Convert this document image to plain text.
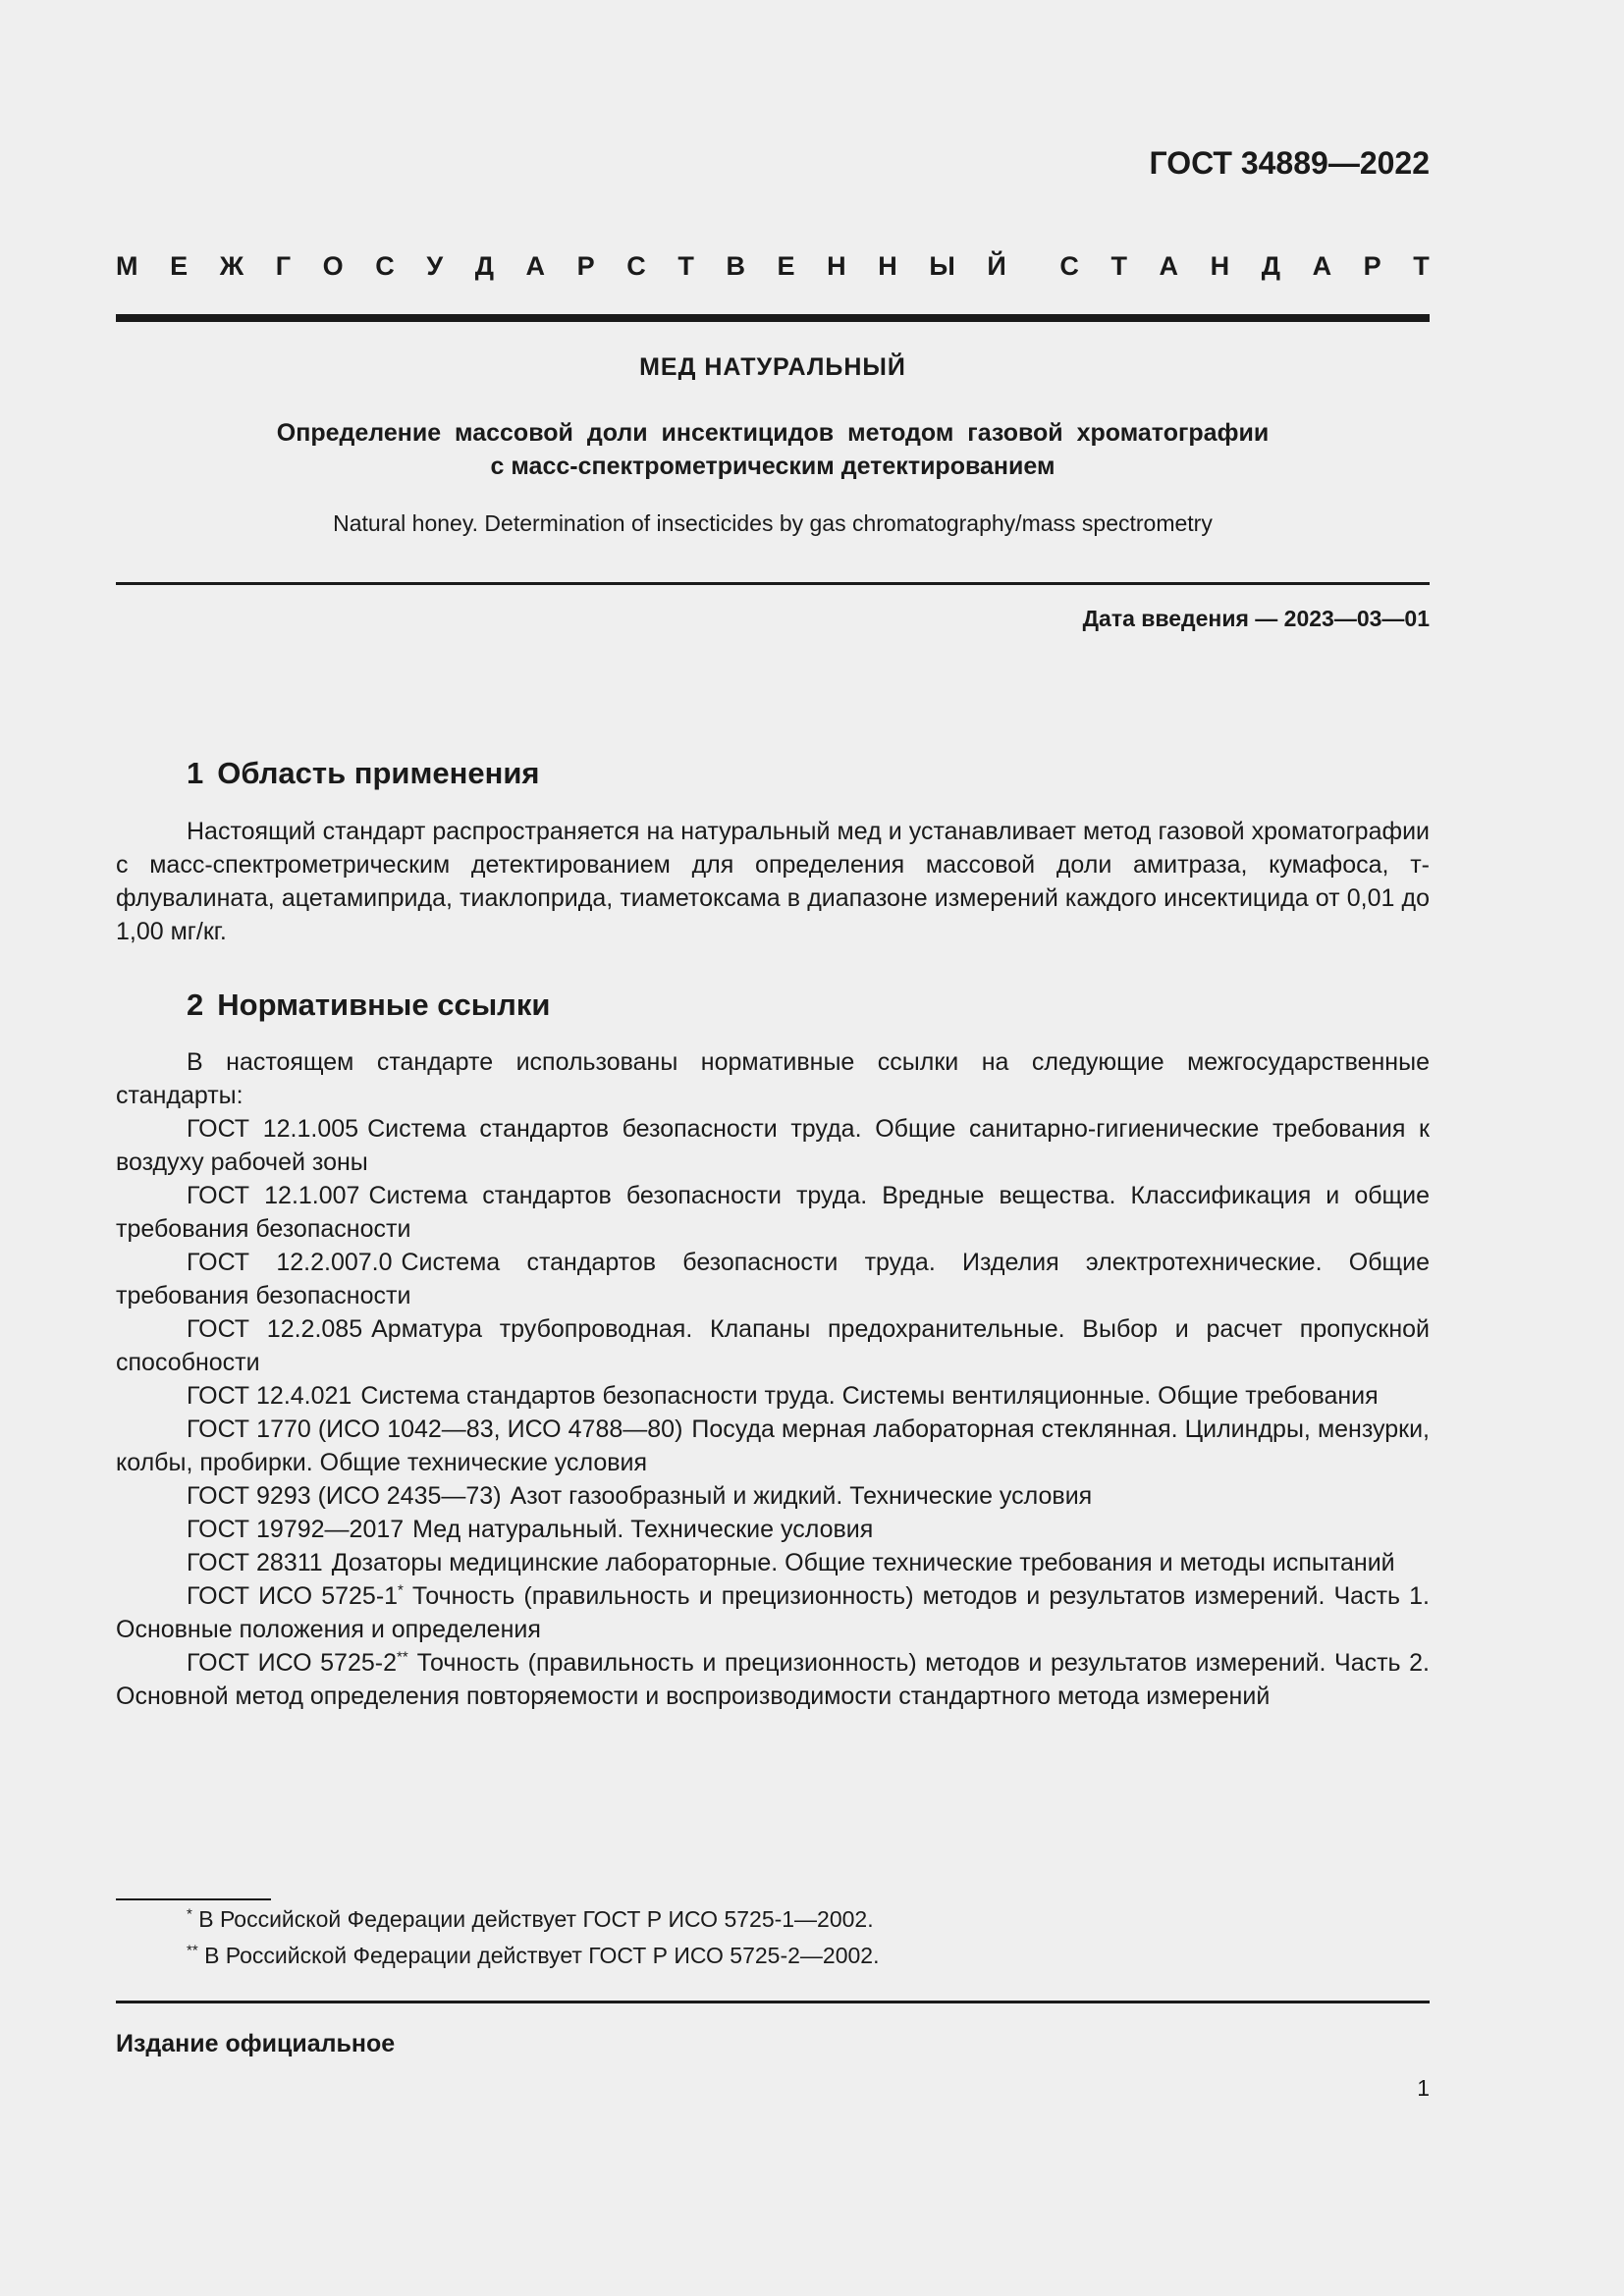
ГОСТ 34889—2022
М Е Ж Г О С У Д А Р С Т В Е Н Н Ы Й С Т А Н Д А Р Т
МЕД НАТУРАЛЬНЫЙ
Определение массовой доли инсектицидов методом газовой хроматографии
с масс-спектрометрическим детектированием
Natural honey. Determination of insecticides by gas chromatography/mass spectrometry
Дата введения — 2023—03—01
1 Область применения

Настоящий стандарт распространяется на натуральный мед и устанавливает метод газовой хроматографии с масс-спектрометрическим детектированием для определения массовой доли амитраза, кумафоса, т-флувалината, ацетамиприда, тиаклоприда, тиаметоксама в диапазоне измерений каждого инсектицида от 0,01 до 1,00 мг/кг.

2 Нормативные ссылки

В настоящем стандарте использованы нормативные ссылки на следующие межгосударственные стандарты:

ГОСТ 12.1.005 Система стандартов безопасности труда. Общие санитарно-гигиенические требования к воздуху рабочей зоны

ГОСТ 12.1.007 Система стандартов безопасности труда. Вредные вещества. Классификация и общие требования безопасности

ГОСТ 12.2.007.0 Система стандартов безопасности труда. Изделия электротехнические. Общие требования безопасности

ГОСТ 12.2.085 Арматура трубопроводная. Клапаны предохранительные. Выбор и расчет пропускной способности

ГОСТ 12.4.021 Система стандартов безопасности труда. Системы вентиляционные. Общие требования

ГОСТ 1770 (ИСО 1042—83, ИСО 4788—80) Посуда мерная лабораторная стеклянная. Цилиндры, мензурки, колбы, пробирки. Общие технические условия

ГОСТ 9293 (ИСО 2435—73) Азот газообразный и жидкий. Технические условия

ГОСТ 19792—2017 Мед натуральный. Технические условия

ГОСТ 28311 Дозаторы медицинские лабораторные. Общие технические требования и методы испытаний

ГОСТ ИСО 5725-1* Точность (правильность и прецизионность) методов и результатов измерений. Часть 1. Основные положения и определения

ГОСТ ИСО 5725-2** Точность (правильность и прецизионность) методов и результатов измерений. Часть 2. Основной метод определения повторяемости и воспроизводимости стандартного метода измерений

* В Российской Федерации действует ГОСТ Р ИСО 5725-1—2002.
** В Российской Федерации действует ГОСТ Р ИСО 5725-2—2002.
Издание официальное
1
